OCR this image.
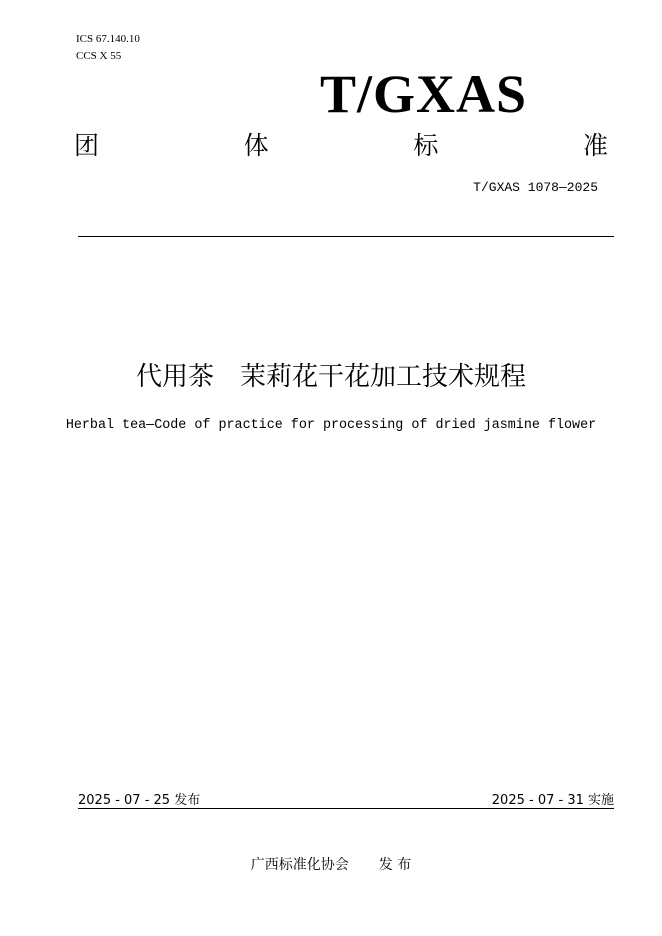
ICS 67.140.10
CCS X 55
T/GXAS
团	体	标	准
T/GXAS 1078—2025
代用茶　茉莉花干花加工技术规程
Herbal tea—Code of practice for processing of dried jasmine flower
2025 - 07 - 25 发布	2025 - 07 - 31 实施
广西标准化协会 发 布
